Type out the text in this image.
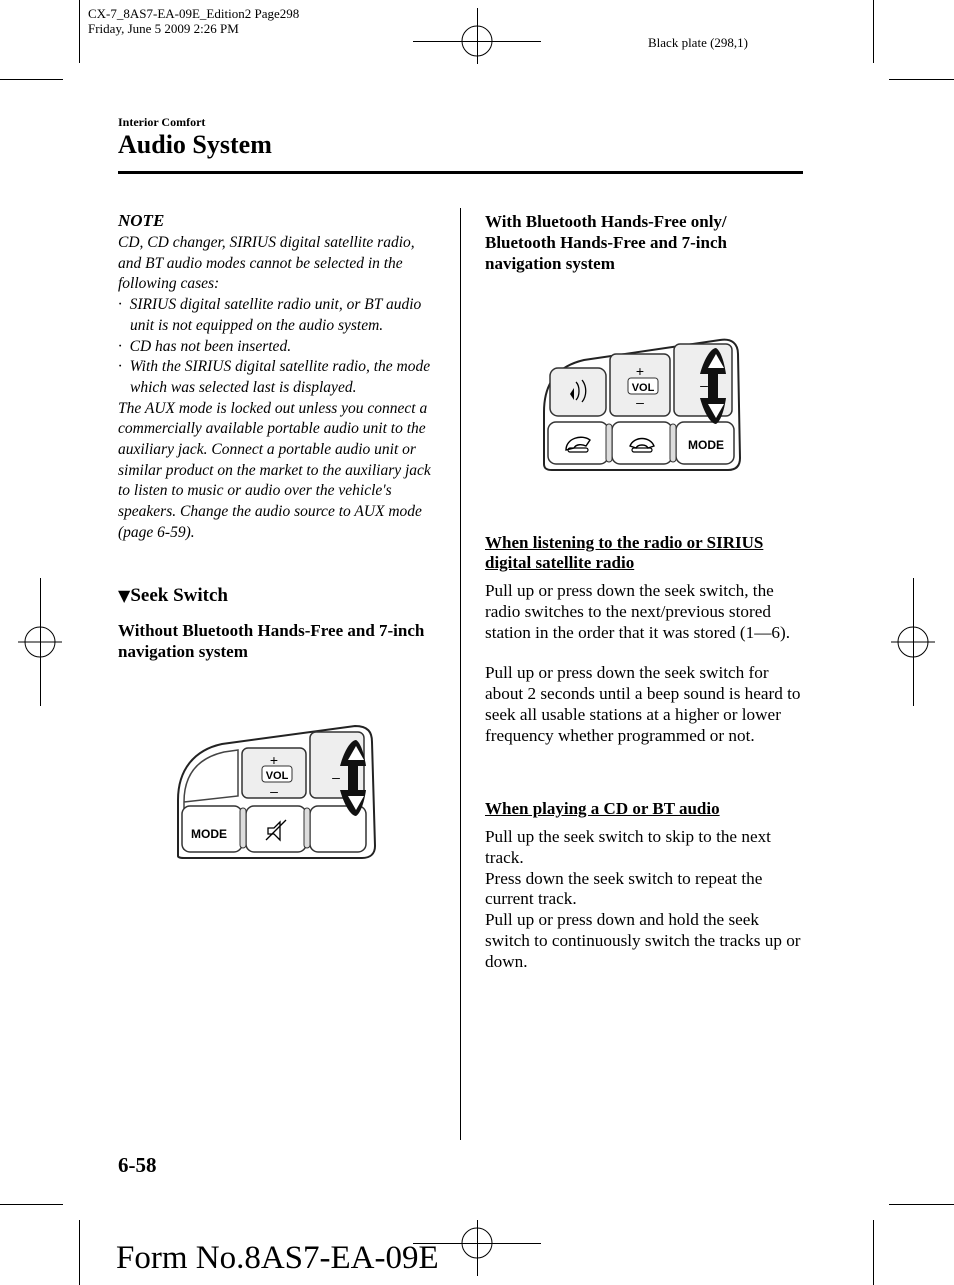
CX-7_8AS7-EA-09E_Edition2 Page298
Friday, June 5 2009 2:26 PM
Black plate (298,1)
Interior Comfort
Audio System
NOTE

CD, CD changer, SIRIUS digital satellite radio, and BT audio modes cannot be selected in the following cases:

· SIRIUS digital satellite radio unit, or BT audio unit is not equipped on the audio system.

· CD has not been inserted.

· With the SIRIUS digital satellite radio, the mode which was selected last is displayed.

The AUX mode is locked out unless you connect a commercially available portable audio unit to the auxiliary jack. Connect a portable audio unit or similar product on the market to the auxiliary jack to listen to music or audio over the vehicle's speakers. Change the audio source to AUX mode (page 6-59).

▼Seek Switch
Without Bluetooth Hands-Free and 7-inch navigation system
VOL
+
–
MODE
–
With Bluetooth Hands-Free only/ Bluetooth Hands-Free and 7-inch navigation system
VOL
+
–
–
MODE
When listening to the radio or SIRIUS digital satellite radio

Pull up or press down the seek switch, the radio switches to the next/previous stored station in the order that it was stored (1―6).

Pull up or press down the seek switch for about 2 seconds until a beep sound is heard to seek all usable stations at a higher or lower frequency whether programmed or not.

When playing a CD or BT audio

Pull up the seek switch to skip to the next track.

Press down the seek switch to repeat the current track.

Pull up or press down and hold the seek switch to continuously switch the tracks up or down.

6-58
Form No.8AS7-EA-09E
